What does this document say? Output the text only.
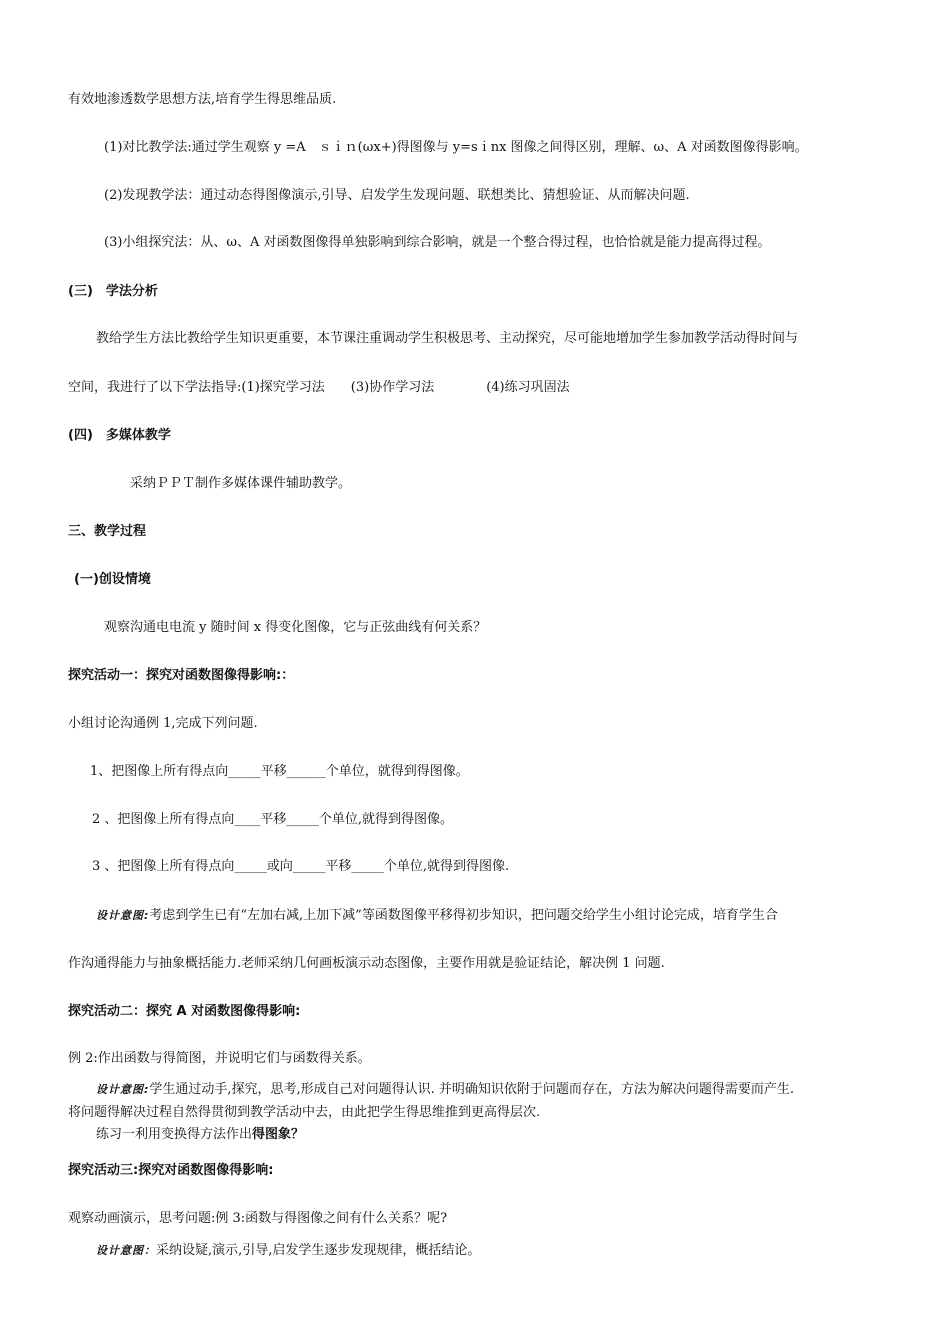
有效地渗透数学思想方法,培育学生得思维品质.
(1)对比教学法:通过学生观察 y =A　ｓｉｎ(ωx+)得图像与 y=sｉnx 图像之间得区别，理解、ω、A 对函数图像得影响。
(2)发现教学法：通过动态得图像演示,引导、启发学生发现问题、联想类比、猜想验证、从而解决问题.
(3)小组探究法：从、ω、A 对函数图像得单独影响到综合影响，就是一个整合得过程，也恰恰就是能力提高得过程。
(三)　学法分析
教给学生方法比教给学生知识更重要，本节课注重调动学生积极思考、主动探究，尽可能地增加学生参加教学活动得时间与
空间，我进行了以下学法指导:(1)探究学习法　　(3)协作学习法　　　　(4)练习巩固法
(四)　多媒体教学
采纳ＰＰＴ制作多媒体课件辅助教学。
三、教学过程
(一)创设情境
观察沟通电电流 y 随时间 x 得变化图像，它与正弦曲线有何关系？
探究活动一：探究对函数图像得影响:：
小组讨论沟通例 1,完成下列问题.
1、把图像上所有得点向_____平移______个单位，就得到得图像。
2 、把图像上所有得点向____平移_____个单位,就得到得图像。
3 、把图像上所有得点向_____或向_____平移_____个单位,就得到得图像.
设计意图:考虑到学生已有“左加右减,上加下减”等函数图像平移得初步知识，把问题交给学生小组讨论完成，培育学生合
作沟通得能力与抽象概括能力.老师采纳几何画板演示动态图像，主要作用就是验证结论，解决例 1 问题.
探究活动二：探究 A 对函数图像得影响:
例 2:作出函数与得简图，并说明它们与函数得关系。
设计意图:学生通过动手,探究，思考,形成自己对问题得认识. 并明确知识依附于问题而存在，方法为解决问题得需要而产生.
将问题得解决过程自然得贯彻到教学活动中去，由此把学生得思维推到更高得层次.
练习一利用变换得方法作出得图象？
探究活动三:探究对函数图像得影响:
观察动画演示，思考问题:例 3:函数与得图像之间有什么关系？呢?
设计意图：采纳设疑,演示,引导,启发学生逐步发现规律，概括结论。
